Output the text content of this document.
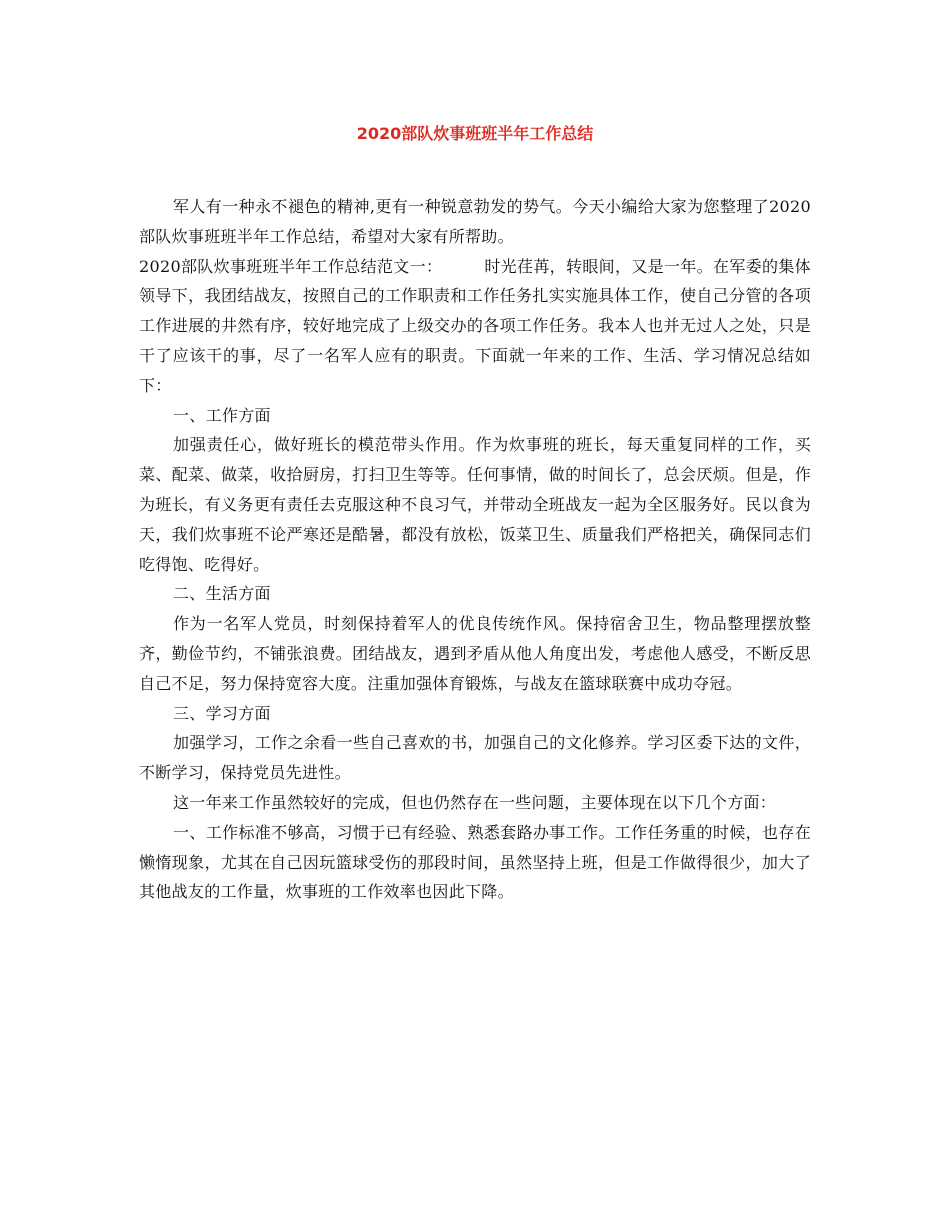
2020部队炊事班班半年工作总结

军人有一种永不褪色的精神,更有一种锐意勃发的势气。今天小编给大家为您整理了2020部队炊事班班半年工作总结，希望对大家有所帮助。

2020部队炊事班班半年工作总结范文一：	时光荏苒，转眼间，又是一年。在军委的集体领导下，我团结战友，按照自己的工作职责和工作任务扎实实施具体工作，使自己分管的各项工作进展的井然有序，较好地完成了上级交办的各项工作任务。我本人也并无过人之处，只是干了应该干的事，尽了一名军人应有的职责。下面就一年来的工作、生活、学习情况总结如下：

一、工作方面

加强责任心，做好班长的模范带头作用。作为炊事班的班长，每天重复同样的工作，买菜、配菜、做菜，收拾厨房，打扫卫生等等。任何事情，做的时间长了，总会厌烦。但是，作为班长，有义务更有责任去克服这种不良习气，并带动全班战友一起为全区服务好。民以食为天，我们炊事班不论严寒还是酷暑，都没有放松，饭菜卫生、质量我们严格把关，确保同志们吃得饱、吃得好。

二、生活方面

作为一名军人党员，时刻保持着军人的优良传统作风。保持宿舍卫生，物品整理摆放整齐，勤俭节约，不铺张浪费。团结战友，遇到矛盾从他人角度出发，考虑他人感受，不断反思自己不足，努力保持宽容大度。注重加强体育锻炼，与战友在篮球联赛中成功夺冠。

三、学习方面

加强学习，工作之余看一些自己喜欢的书，加强自己的文化修养。学习区委下达的文件，不断学习，保持党员先进性。

这一年来工作虽然较好的完成，但也仍然存在一些问题，主要体现在以下几个方面：

一、工作标准不够高，习惯于已有经验、熟悉套路办事工作。工作任务重的时候，也存在懒惰现象，尤其在自己因玩篮球受伤的那段时间，虽然坚持上班，但是工作做得很少，加大了其他战友的工作量，炊事班的工作效率也因此下降。
